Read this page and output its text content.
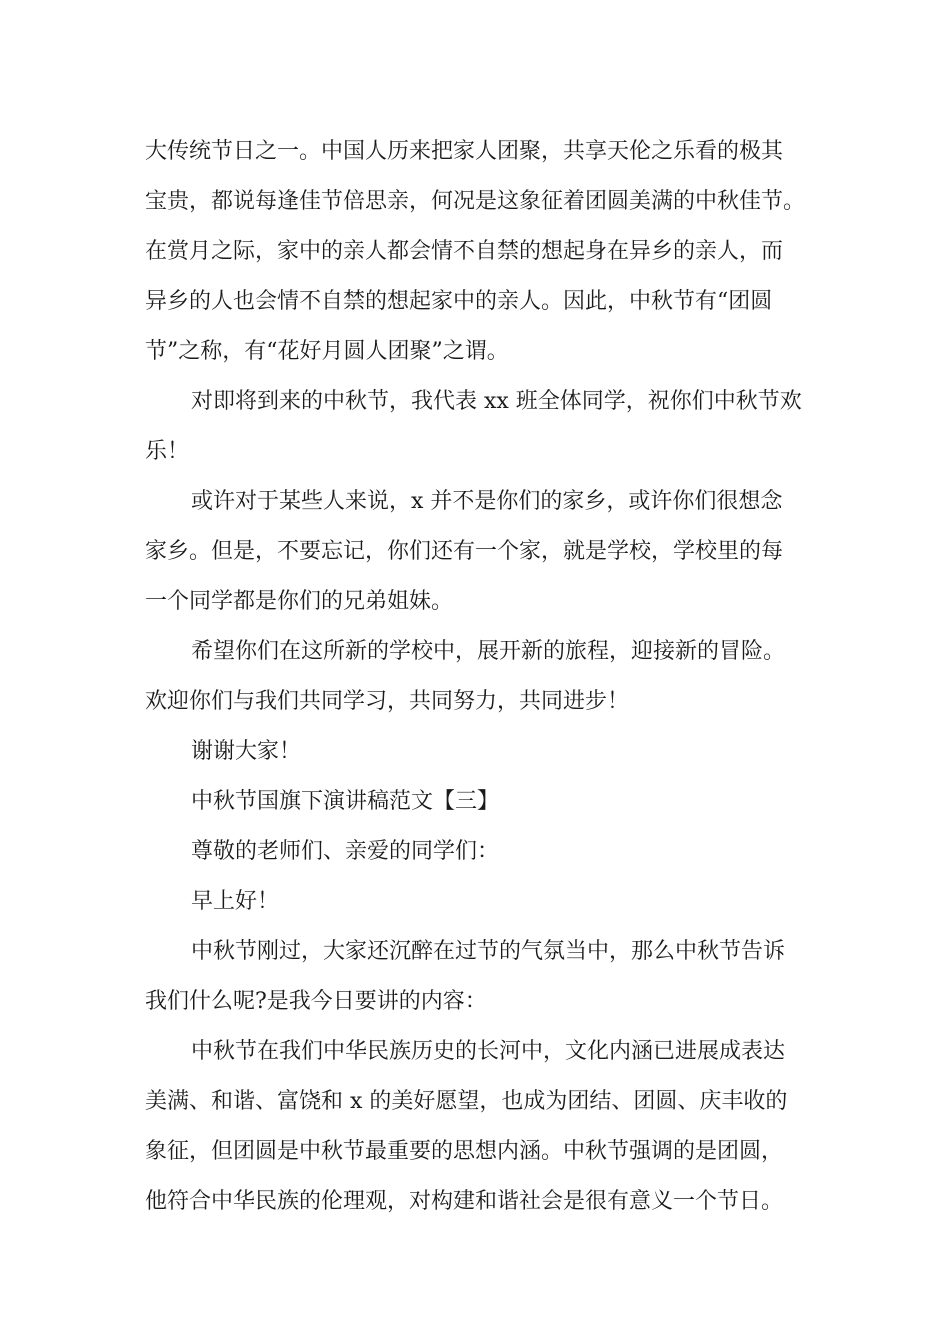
大传统节日之一。中国人历来把家人团聚，共享天伦之乐看的极其
宝贵，都说每逢佳节倍思亲，何况是这象征着团圆美满的中秋佳节。
在赏月之际，家中的亲人都会情不自禁的想起身在异乡的亲人，而
异乡的人也会情不自禁的想起家中的亲人。因此，中秋节有“团圆
节”之称，有“花好月圆人团聚”之谓。
对即将到来的中秋节，我代表 xx 班全体同学，祝你们中秋节欢
乐！
或许对于某些人来说，x 并不是你们的家乡，或许你们很想念
家乡。但是，不要忘记，你们还有一个家，就是学校，学校里的每
一个同学都是你们的兄弟姐妹。
希望你们在这所新的学校中，展开新的旅程，迎接新的冒险。
欢迎你们与我们共同学习，共同努力，共同进步！
谢谢大家！
中秋节国旗下演讲稿范文【三】
尊敬的老师们、亲爱的同学们：
早上好！
中秋节刚过，大家还沉醉在过节的气氛当中，那么中秋节告诉
我们什么呢?是我今日要讲的内容：
中秋节在我们中华民族历史的长河中，文化内涵已进展成表达
美满、和谐、富饶和 x 的美好愿望，也成为团结、团圆、庆丰收的
象征，但团圆是中秋节最重要的思想内涵。中秋节强调的是团圆，
他符合中华民族的伦理观，对构建和谐社会是很有意义一个节日。
